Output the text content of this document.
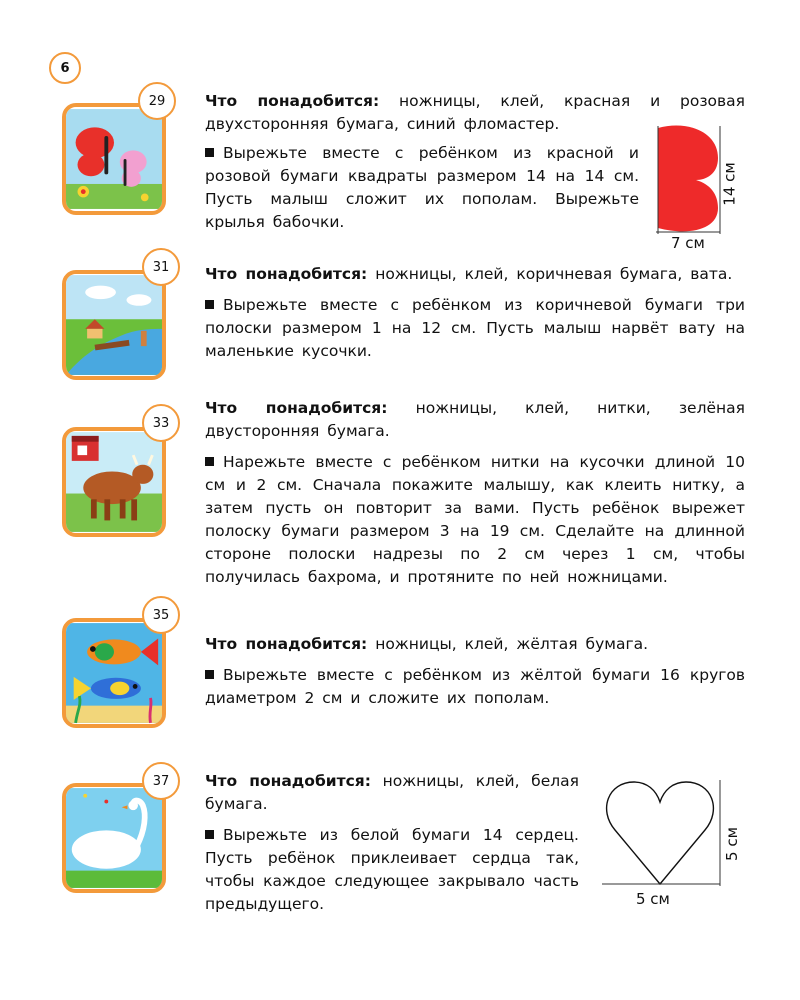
6
29	Что понадобится: ножницы, клей, красная и розовая двухсторонняя бумага, синий фломастер.

Вырежьте вместе с ребёнком из красной и розовой бумаги квадраты размером 14 на 14 см. Пусть малыш сложит их пополам. Вырежьте крылья бабочки.

14 см
7 см
31	Что понадобится: ножницы, клей, коричневая бумага, вата.

Вырежьте вместе с ребёнком из коричневой бумаги три полоски размером 1 на 12 см. Пусть малыш нарвёт вату на маленькие кусочки.

33

Что понадобится: ножницы, клей, нитки, зелёная двусторонняя бумага.

Нарежьте вместе с ребёнком нитки на кусочки длиной 10 см и 2 см. Сначала покажите малышу, как клеить нитку, а затем пусть он повторит за вами. Пусть ребёнок вырежет полоску бумаги размером 3 на 19 см. Сделайте на длинной стороне полоски надрезы по 2 см через 1 см, чтобы получилась бахрома, и протяните по ней ножницами.

35

Что понадобится: ножницы, клей, жёлтая бумага.

Вырежьте вместе с ребёнком из жёлтой бумаги 16 кругов диаметром 2 см и сложите их пополам.

37	Что понадобится: ножницы, клей, белая бумага.

Вырежьте из белой бумаги 14 сердец. Пусть ребёнок приклеивает сердца так, чтобы каждое следующее закрывало часть предыдущего.

5 см
5 см
